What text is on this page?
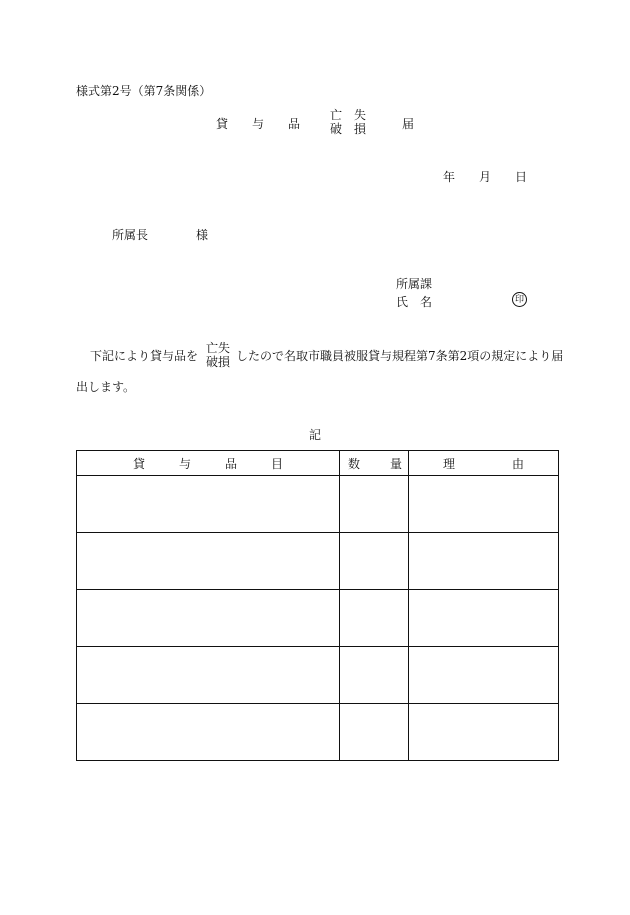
様式第2号（第7条関係）
貸　　与　　品
亡　失
破　損	届
年　　月　　日
所属長	様
所属課
氏　名	印
下記により貸与品を
亡失
破損 したので名取市職員被服貸与規程第7条第2項の規定により届
出します。
記
貸 与 品 目	数 量	理 由
